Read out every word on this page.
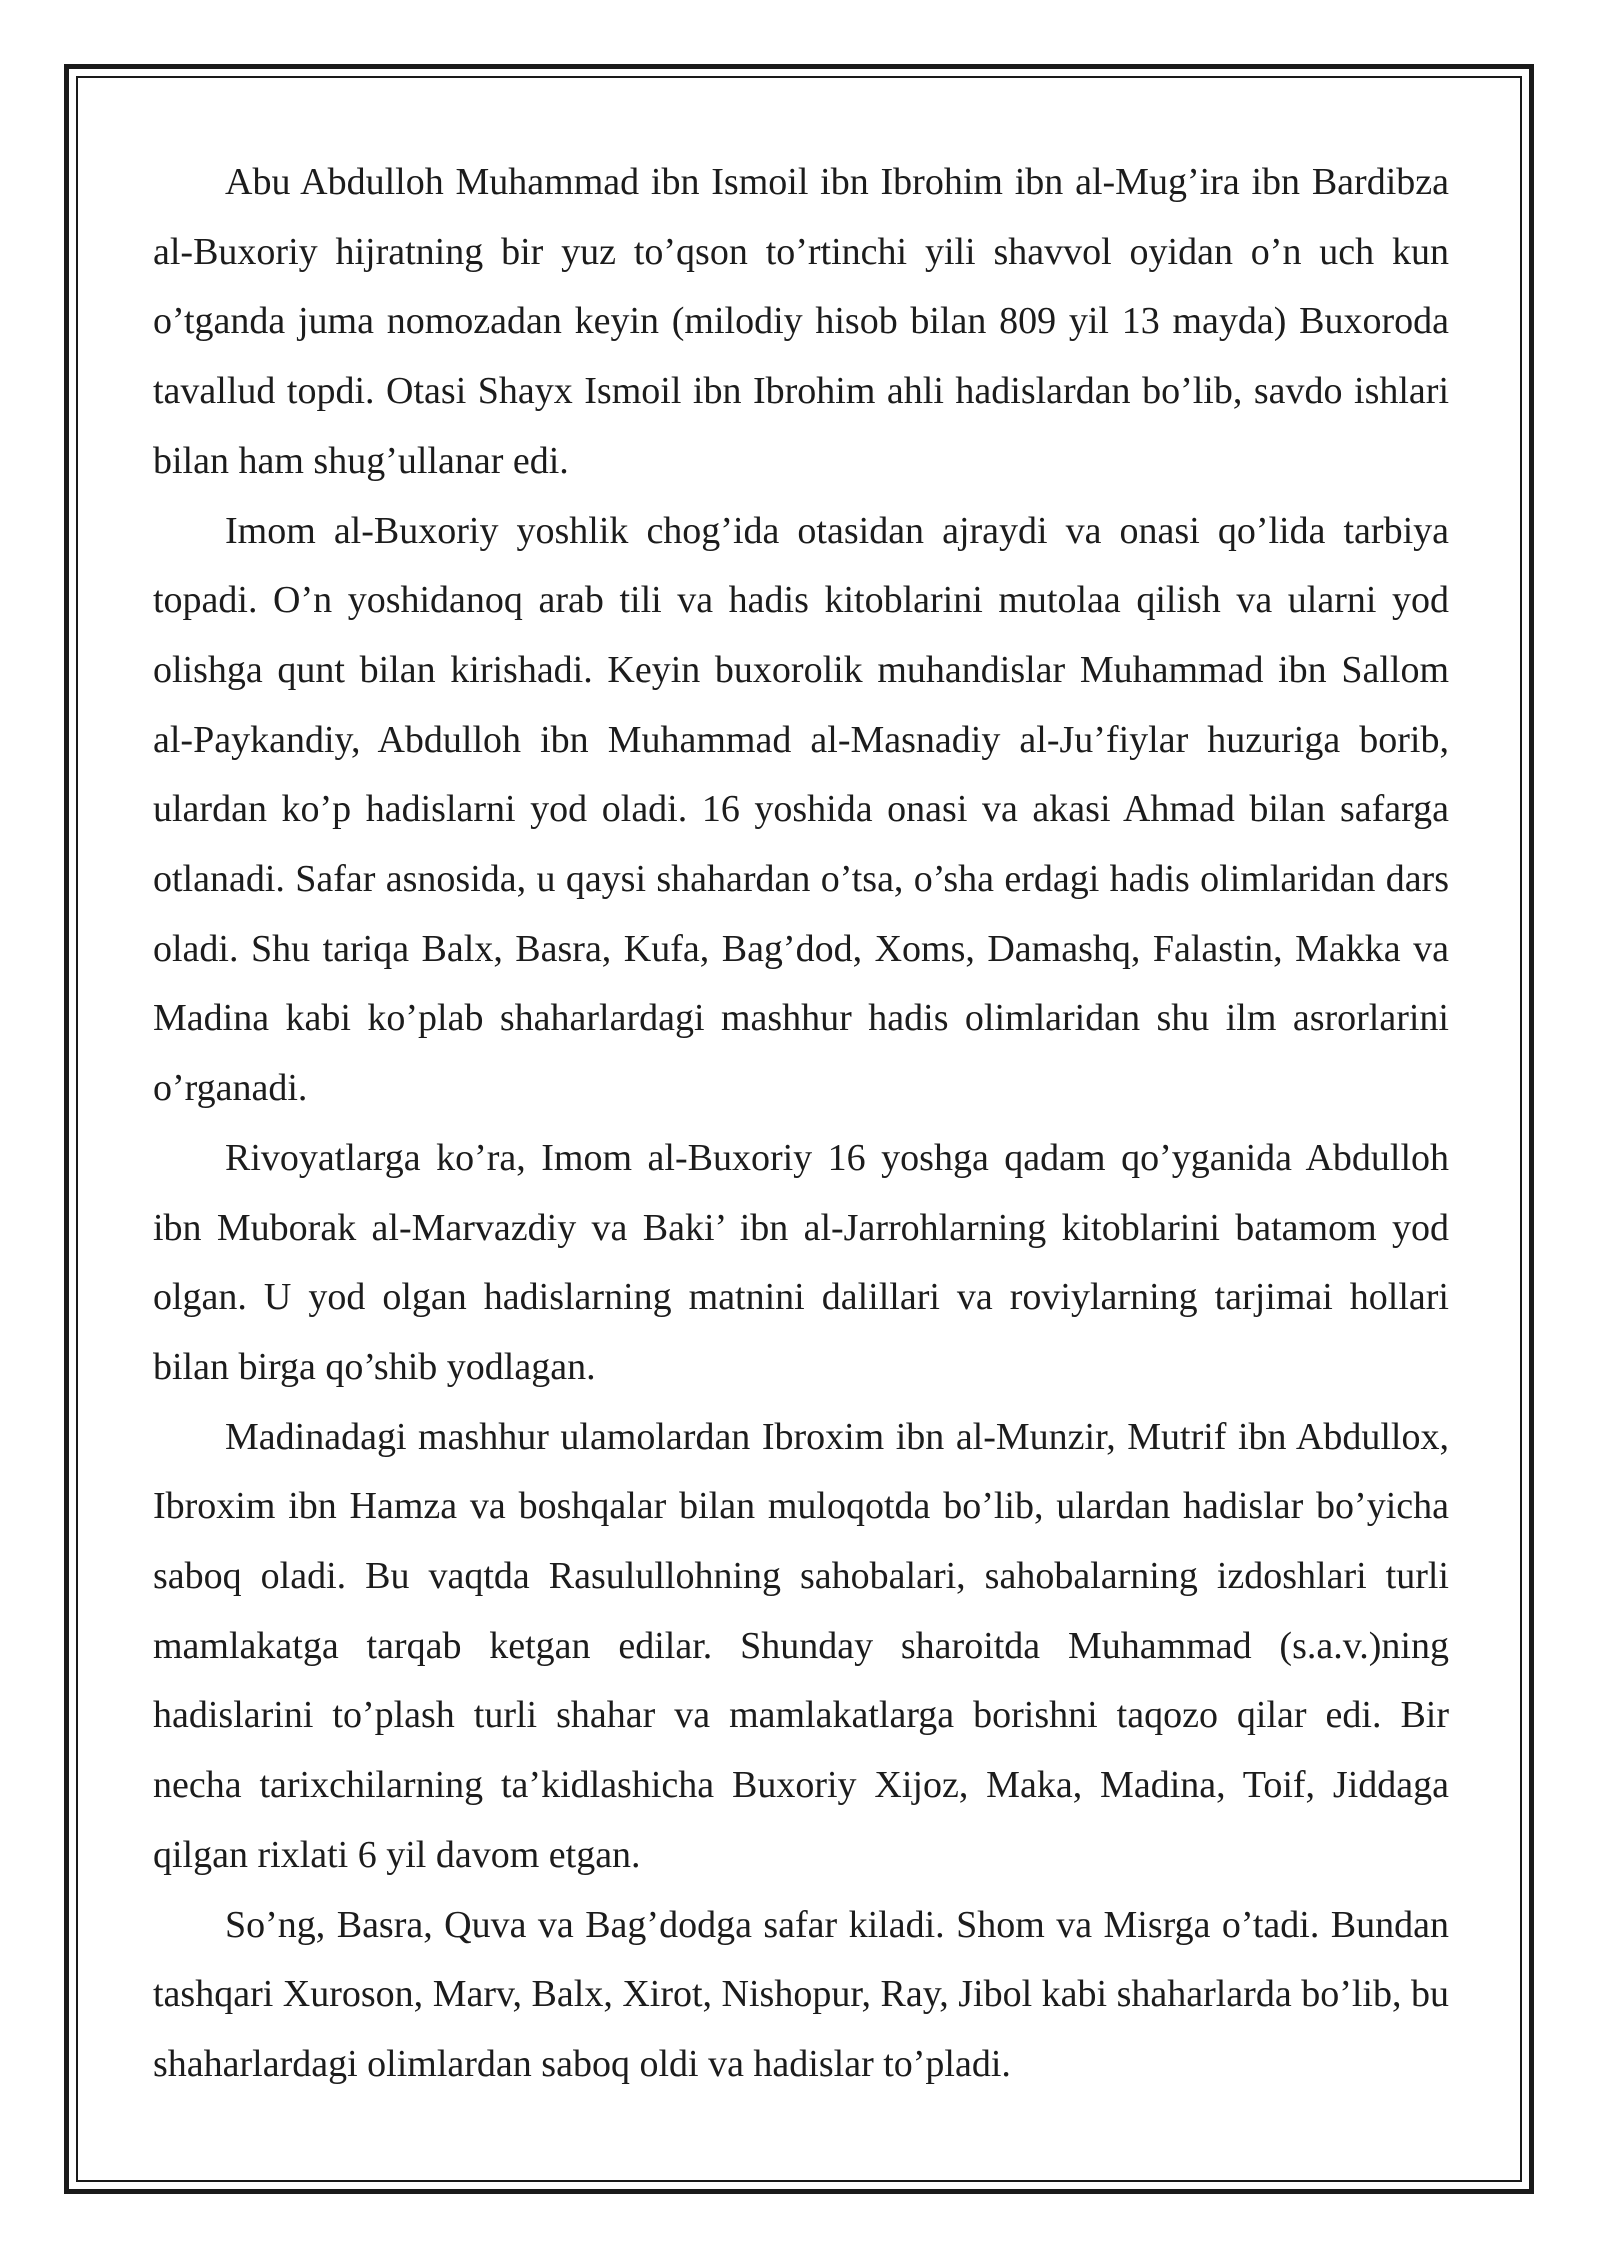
Abu Abdulloh Muhammad ibn Ismoil ibn Ibrohim ibn al-Mug’ira ibn Bardibza al-Buxoriy hijratning bir yuz to’qson to’rtinchi yili shavvol oyidan o’n uch kun o’tganda juma nomozadan keyin (milodiy hisob bilan 809 yil 13 mayda) Buxoroda tavallud topdi. Otasi Shayx Ismoil ibn Ibrohim ahli hadislardan bo’lib, savdo ishlari bilan ham shug’ullanar edi.

Imom al-Buxoriy yoshlik chog’ida otasidan ajraydi va onasi qo’lida tarbiya topadi. O’n yoshidanoq arab tili va hadis kitoblarini mutolaa qilish va ularni yod olishga qunt bilan kirishadi. Keyin buxorolik muhandislar Muhammad ibn Sallom al-Paykandiy, Abdulloh ibn Muhammad al-Masnadiy al-Ju’fiylar huzuriga borib, ulardan ko’p hadislarni yod oladi. 16 yoshida onasi va akasi Ahmad bilan safarga otlanadi. Safar asnosida, u qaysi shahardan o’tsa, o’sha erdagi hadis olimlaridan dars oladi. Shu tariqa Balx, Basra, Kufa, Bag’dod, Xoms, Damashq, Falastin, Makka va Madina kabi ko’plab shaharlardagi mashhur hadis olimlaridan shu ilm asrorlarini o’rganadi.

Rivoyatlarga ko’ra, Imom al-Buxoriy 16 yoshga qadam qo’yganida Abdulloh ibn Muborak al-Marvazdiy va Baki’ ibn al-Jarrohlarning kitoblarini batamom yod olgan. U yod olgan hadislarning matnini dalillari va roviylarning tarjimai hollari bilan birga qo’shib yodlagan.

Madinadagi mashhur ulamolardan Ibroxim ibn al-Munzir, Mutrif ibn Abdullox, Ibroxim ibn Hamza va boshqalar bilan muloqotda bo’lib, ulardan hadislar bo’yicha saboq oladi. Bu vaqtda Rasulullohning sahobalari, sahobalarning izdoshlari turli mamlakatga tarqab ketgan edilar. Shunday sharoitda Muhammad (s.a.v.)ning hadislarini to’plash turli shahar va mamlakatlarga borishni taqozo qilar edi. Bir necha tarixchilarning ta’kidlashicha Buxoriy Xijoz, Maka, Madina, Toif, Jiddaga qilgan rixlati 6 yil davom etgan.

So’ng, Basra, Quva va Bag’dodga safar kiladi. Shom va Misrga o’tadi. Bundan tashqari Xuroson, Marv, Balx, Xirot, Nishopur, Ray, Jibol kabi shaharlarda bo’lib, bu shaharlardagi olimlardan saboq oldi va hadislar to’pladi.
